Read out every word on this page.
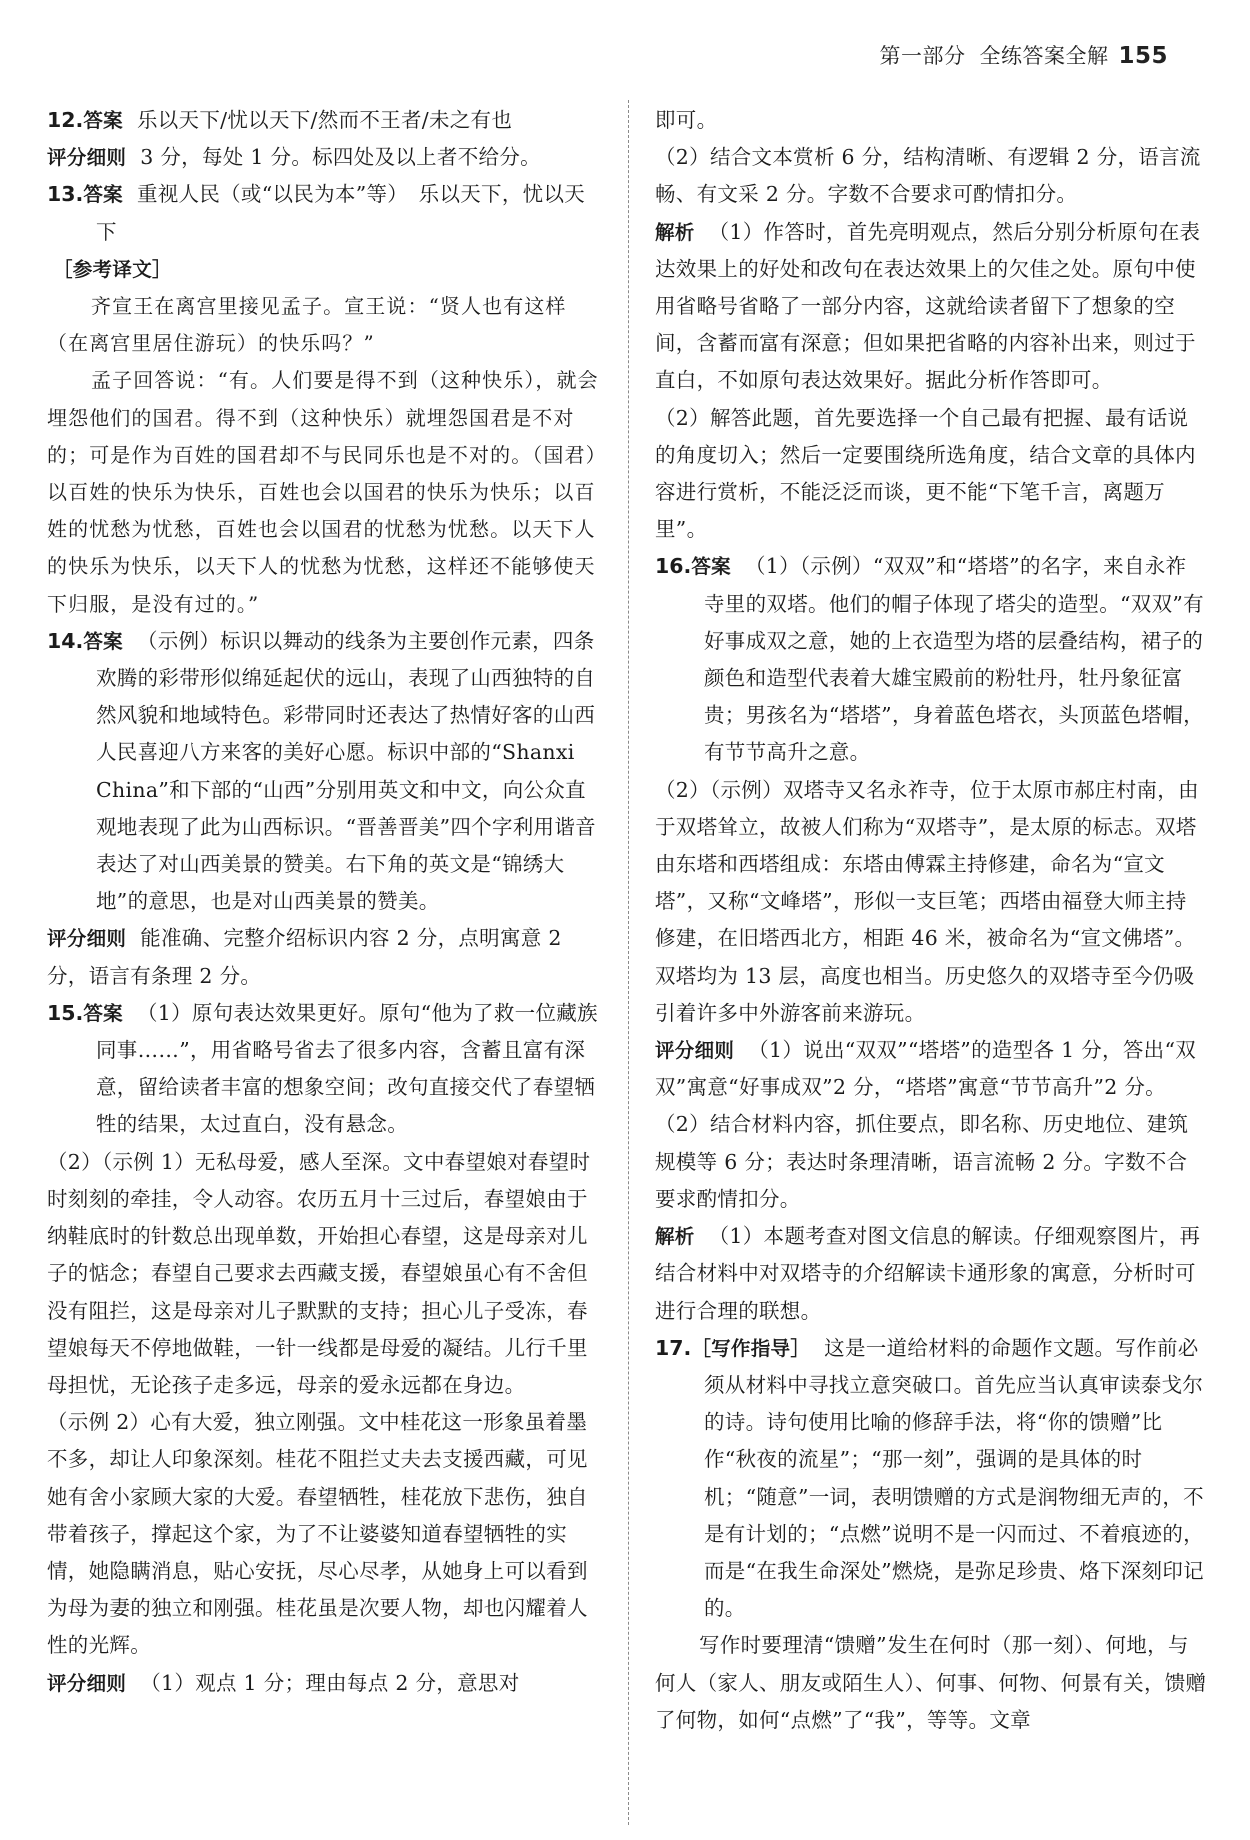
第一部分 全练答案全解 155

12.答案 乐以天下/忧以天下/然而不王者/未之有也

评分细则 3 分，每处 1 分。标四处及以上者不给分。

13.答案 重视人民（或“以民为本”等）　乐以天下，忧以天下

［参考译文］

齐宣王在离宫里接见孟子。宣王说：“贤人也有这样（在离宫里居住游玩）的快乐吗？”

孟子回答说：“有。人们要是得不到（这种快乐），就会埋怨他们的国君。得不到（这种快乐）就埋怨国君是不对的；可是作为百姓的国君却不与民同乐也是不对的。（国君）以百姓的快乐为快乐，百姓也会以国君的快乐为快乐；以百姓的忧愁为忧愁，百姓也会以国君的忧愁为忧愁。以天下人的快乐为快乐，以天下人的忧愁为忧愁，这样还不能够使天下归服，是没有过的。”

14.答案 （示例）标识以舞动的线条为主要创作元素，四条欢腾的彩带形似绵延起伏的远山，表现了山西独特的自然风貌和地域特色。彩带同时还表达了热情好客的山西人民喜迎八方来客的美好心愿。标识中部的“Shanxi China”和下部的“山西”分别用英文和中文，向公众直观地表现了此为山西标识。“晋善晋美”四个字利用谐音表达了对山西美景的赞美。右下角的英文是“锦绣大地”的意思，也是对山西美景的赞美。

评分细则 能准确、完整介绍标识内容 2 分，点明寓意 2 分，语言有条理 2 分。

15.答案 （1）原句表达效果更好。原句“他为了救一位藏族同事……”，用省略号省去了很多内容，含蓄且富有深意，留给读者丰富的想象空间；改句直接交代了春望牺牲的结果，太过直白，没有悬念。

（2）（示例 1）无私母爱，感人至深。文中春望娘对春望时时刻刻的牵挂，令人动容。农历五月十三过后，春望娘由于纳鞋底时的针数总出现单数，开始担心春望，这是母亲对儿子的惦念；春望自己要求去西藏支援，春望娘虽心有不舍但没有阻拦，这是母亲对儿子默默的支持；担心儿子受冻，春望娘每天不停地做鞋，一针一线都是母爱的凝结。儿行千里母担忧，无论孩子走多远，母亲的爱永远都在身边。

（示例 2）心有大爱，独立刚强。文中桂花这一形象虽着墨不多，却让人印象深刻。桂花不阻拦丈夫去支援西藏，可见她有舍小家顾大家的大爱。春望牺牲，桂花放下悲伤，独自带着孩子，撑起这个家，为了不让婆婆知道春望牺牲的实情，她隐瞒消息，贴心安抚，尽心尽孝，从她身上可以看到为母为妻的独立和刚强。桂花虽是次要人物，却也闪耀着人性的光辉。

评分细则 （1）观点 1 分；理由每点 2 分，意思对

即可。

（2）结合文本赏析 6 分，结构清晰、有逻辑 2 分，语言流畅、有文采 2 分。字数不合要求可酌情扣分。

解析 （1）作答时，首先亮明观点，然后分别分析原句在表达效果上的好处和改句在表达效果上的欠佳之处。原句中使用省略号省略了一部分内容，这就给读者留下了想象的空间，含蓄而富有深意；但如果把省略的内容补出来，则过于直白，不如原句表达效果好。据此分析作答即可。

（2）解答此题，首先要选择一个自己最有把握、最有话说的角度切入；然后一定要围绕所选角度，结合文章的具体内容进行赏析，不能泛泛而谈，更不能“下笔千言，离题万里”。

16.答案 （1）（示例）“双双”和“塔塔”的名字，来自永祚寺里的双塔。他们的帽子体现了塔尖的造型。“双双”有好事成双之意，她的上衣造型为塔的层叠结构，裙子的颜色和造型代表着大雄宝殿前的粉牡丹，牡丹象征富贵；男孩名为“塔塔”，身着蓝色塔衣，头顶蓝色塔帽，有节节高升之意。

（2）（示例）双塔寺又名永祚寺，位于太原市郝庄村南，由于双塔耸立，故被人们称为“双塔寺”，是太原的标志。双塔由东塔和西塔组成：东塔由傅霖主持修建，命名为“宣文塔”，又称“文峰塔”，形似一支巨笔；西塔由福登大师主持修建，在旧塔西北方，相距 46 米，被命名为“宣文佛塔”。双塔均为 13 层，高度也相当。历史悠久的双塔寺至今仍吸引着许多中外游客前来游玩。

评分细则 （1）说出“双双”“塔塔”的造型各 1 分，答出“双双”寓意“好事成双”2 分，“塔塔”寓意“节节高升”2 分。

（2）结合材料内容，抓住要点，即名称、历史地位、建筑规模等 6 分；表达时条理清晰，语言流畅 2 分。字数不合要求酌情扣分。

解析 （1）本题考查对图文信息的解读。仔细观察图片，再结合材料中对双塔寺的介绍解读卡通形象的寓意，分析时可进行合理的联想。

17.［写作指导］ 这是一道给材料的命题作文题。写作前必须从材料中寻找立意突破口。首先应当认真审读泰戈尔的诗。诗句使用比喻的修辞手法，将“你的馈赠”比作“秋夜的流星”；“那一刻”，强调的是具体的时机；“随意”一词，表明馈赠的方式是润物细无声的，不是有计划的；“点燃”说明不是一闪而过、不着痕迹的，而是“在我生命深处”燃烧，是弥足珍贵、烙下深刻印记的。

写作时要理清“馈赠”发生在何时（那一刻）、何地，与何人（家人、朋友或陌生人）、何事、何物、何景有关，馈赠了何物，如何“点燃”了“我”，等等。文章
